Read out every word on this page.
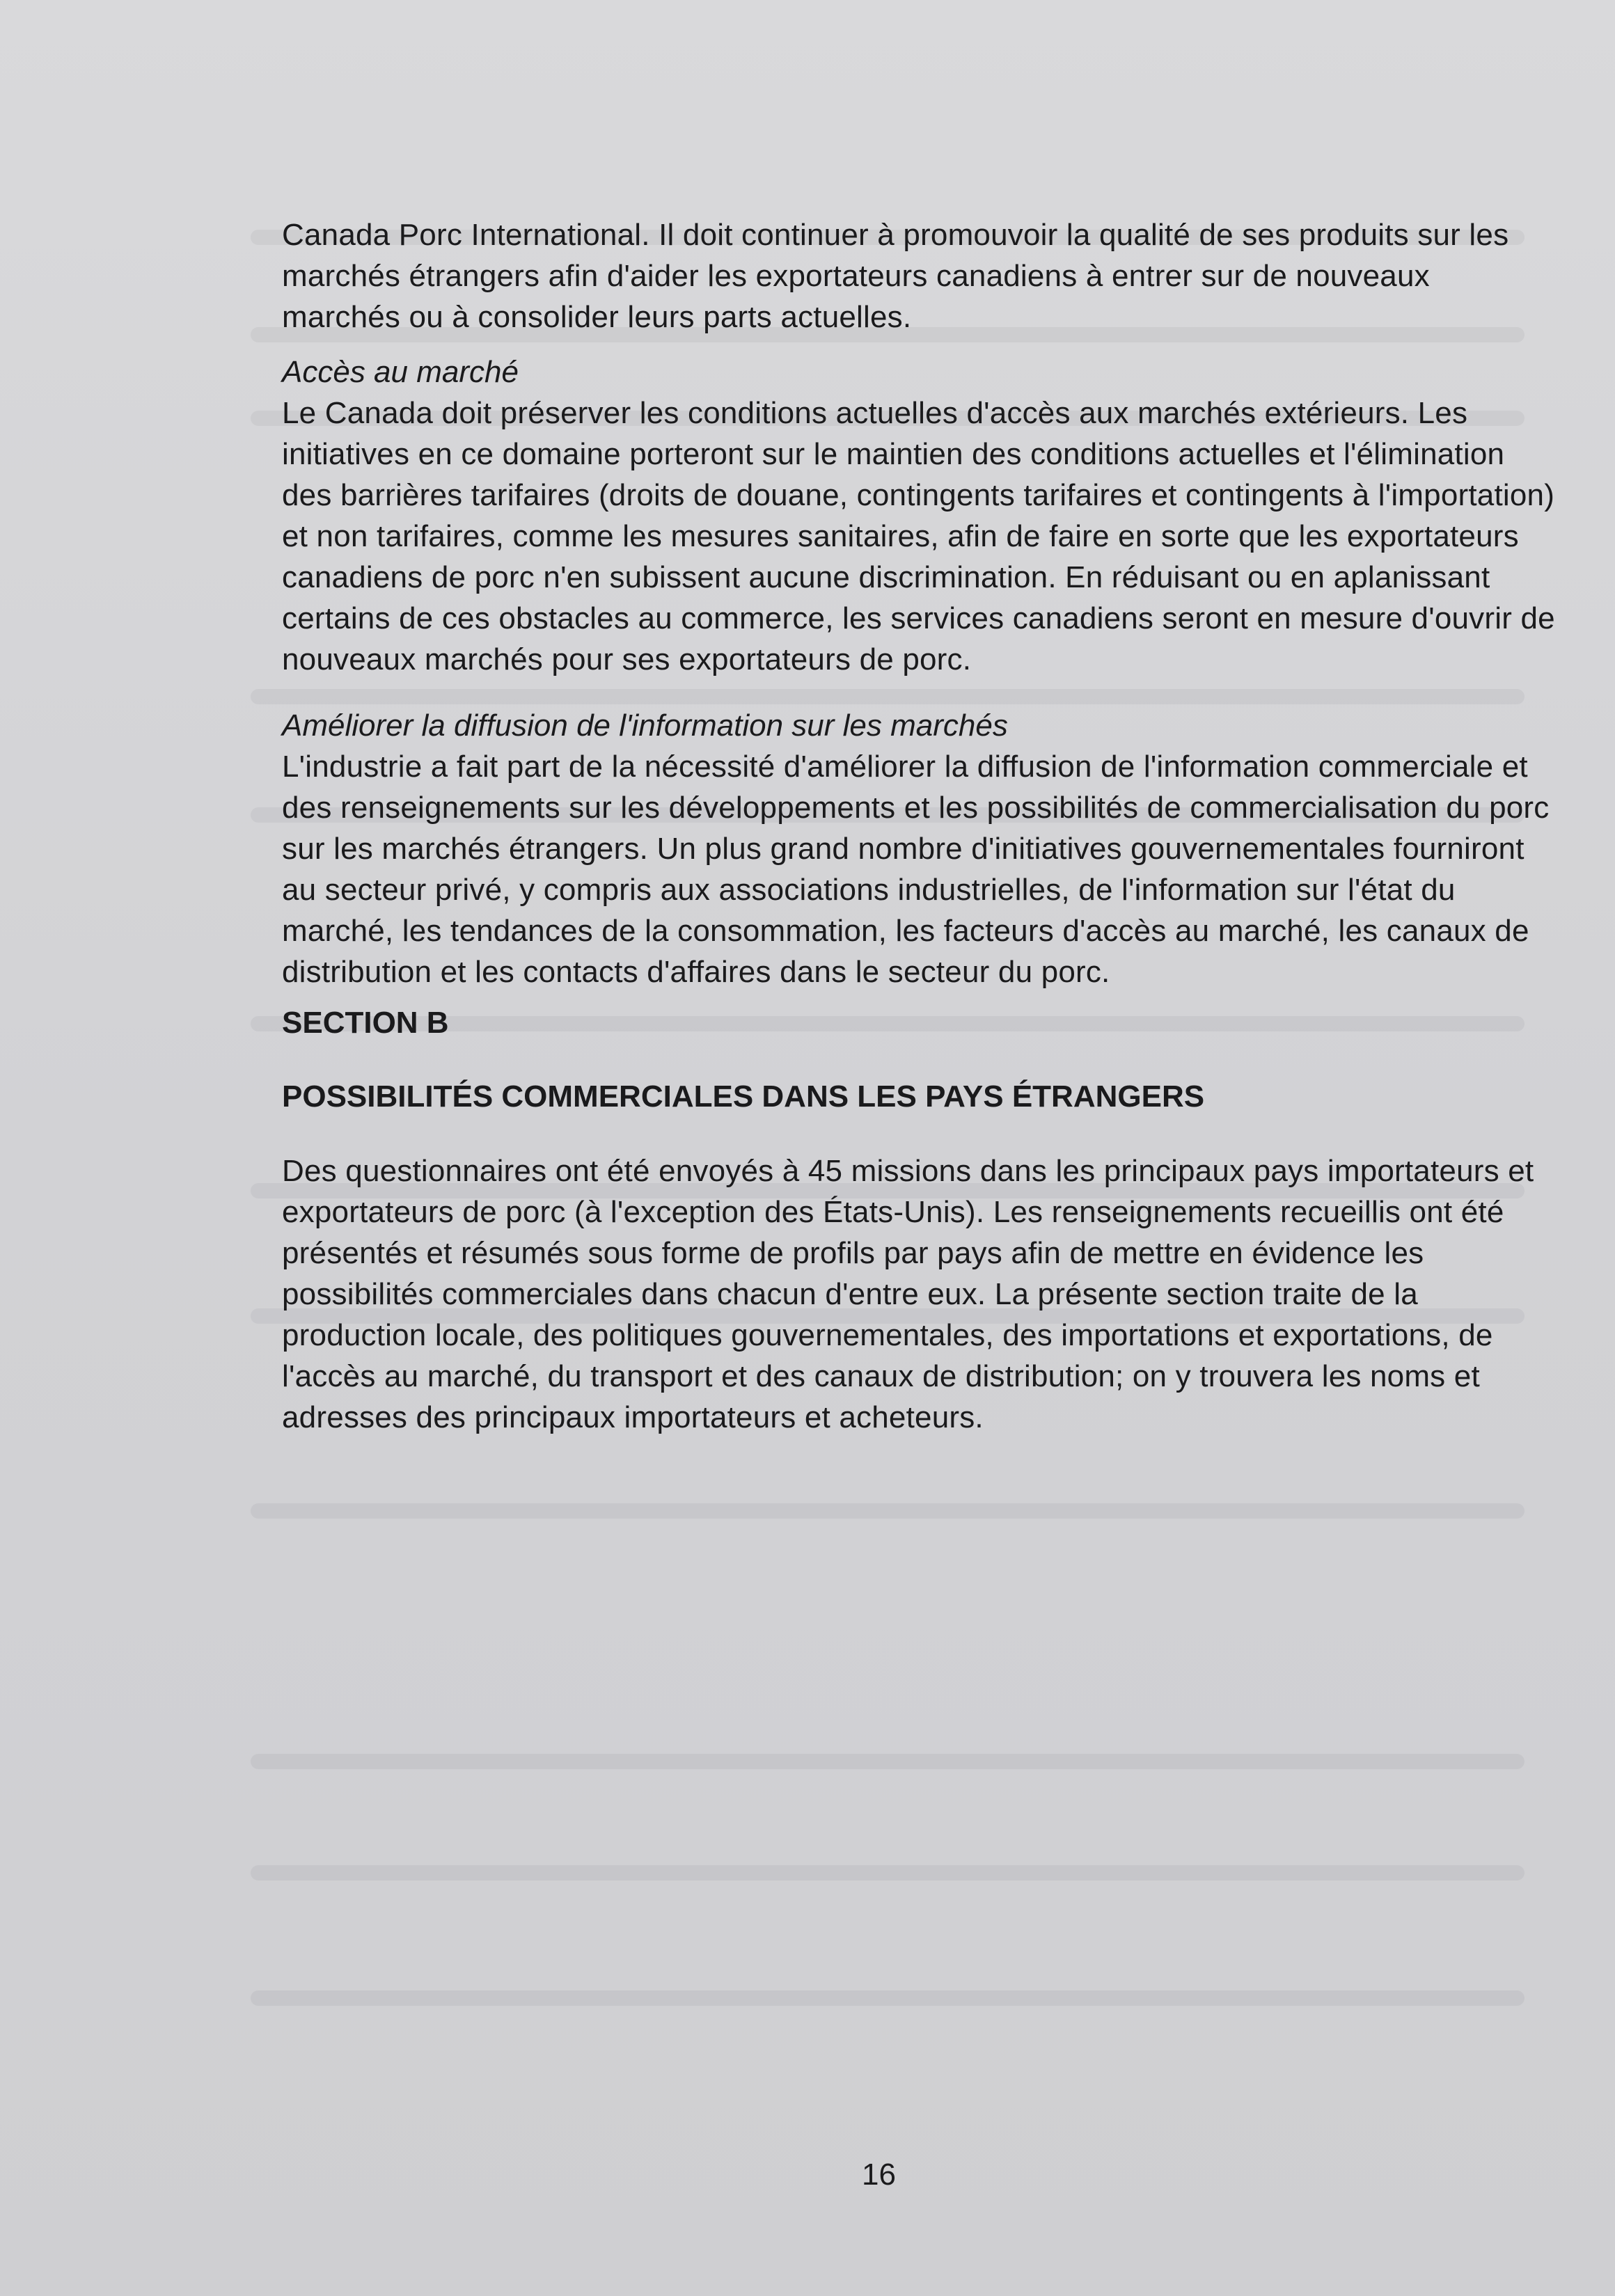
Canada Porc International. Il doit continuer à promouvoir la qualité de ses produits sur les marchés étrangers afin d'aider les exportateurs canadiens à entrer sur de nouveaux marchés ou à consolider leurs parts actuelles.

Accès au marché

Le Canada doit préserver les conditions actuelles d'accès aux marchés extérieurs. Les initiatives en ce domaine porteront sur le maintien des conditions actuelles et l'élimination des barrières tarifaires (droits de douane, contingents tarifaires et contingents à l'importation) et non tarifaires, comme les mesures sanitaires, afin de faire en sorte que les exportateurs canadiens de porc n'en subissent aucune discrimination. En réduisant ou en aplanissant certains de ces obstacles au commerce, les services canadiens seront en mesure d'ouvrir de nouveaux marchés pour ses exportateurs de porc.

Améliorer la diffusion de l'information sur les marchés

L'industrie a fait part de la nécessité d'améliorer la diffusion de l'information commerciale et des renseignements sur les développements et les possibilités de commercialisation du porc sur les marchés étrangers. Un plus grand nombre d'initiatives gouvernementales fourniront au secteur privé, y compris aux associations industrielles, de l'information sur l'état du marché, les tendances de la consommation, les facteurs d'accès au marché, les canaux de distribution et les contacts d'affaires dans le secteur du porc.

SECTION B

POSSIBILITÉS COMMERCIALES DANS LES PAYS ÉTRANGERS

Des questionnaires ont été envoyés à 45 missions dans les principaux pays importateurs et exportateurs de porc (à l'exception des États-Unis). Les renseignements recueillis ont été présentés et résumés sous forme de profils par pays afin de mettre en évidence les possibilités commerciales dans chacun d'entre eux. La présente section traite de la production locale, des politiques gouvernementales, des importations et exportations, de l'accès au marché, du transport et des canaux de distribution; on y trouvera les noms et adresses des principaux importateurs et acheteurs.

16
